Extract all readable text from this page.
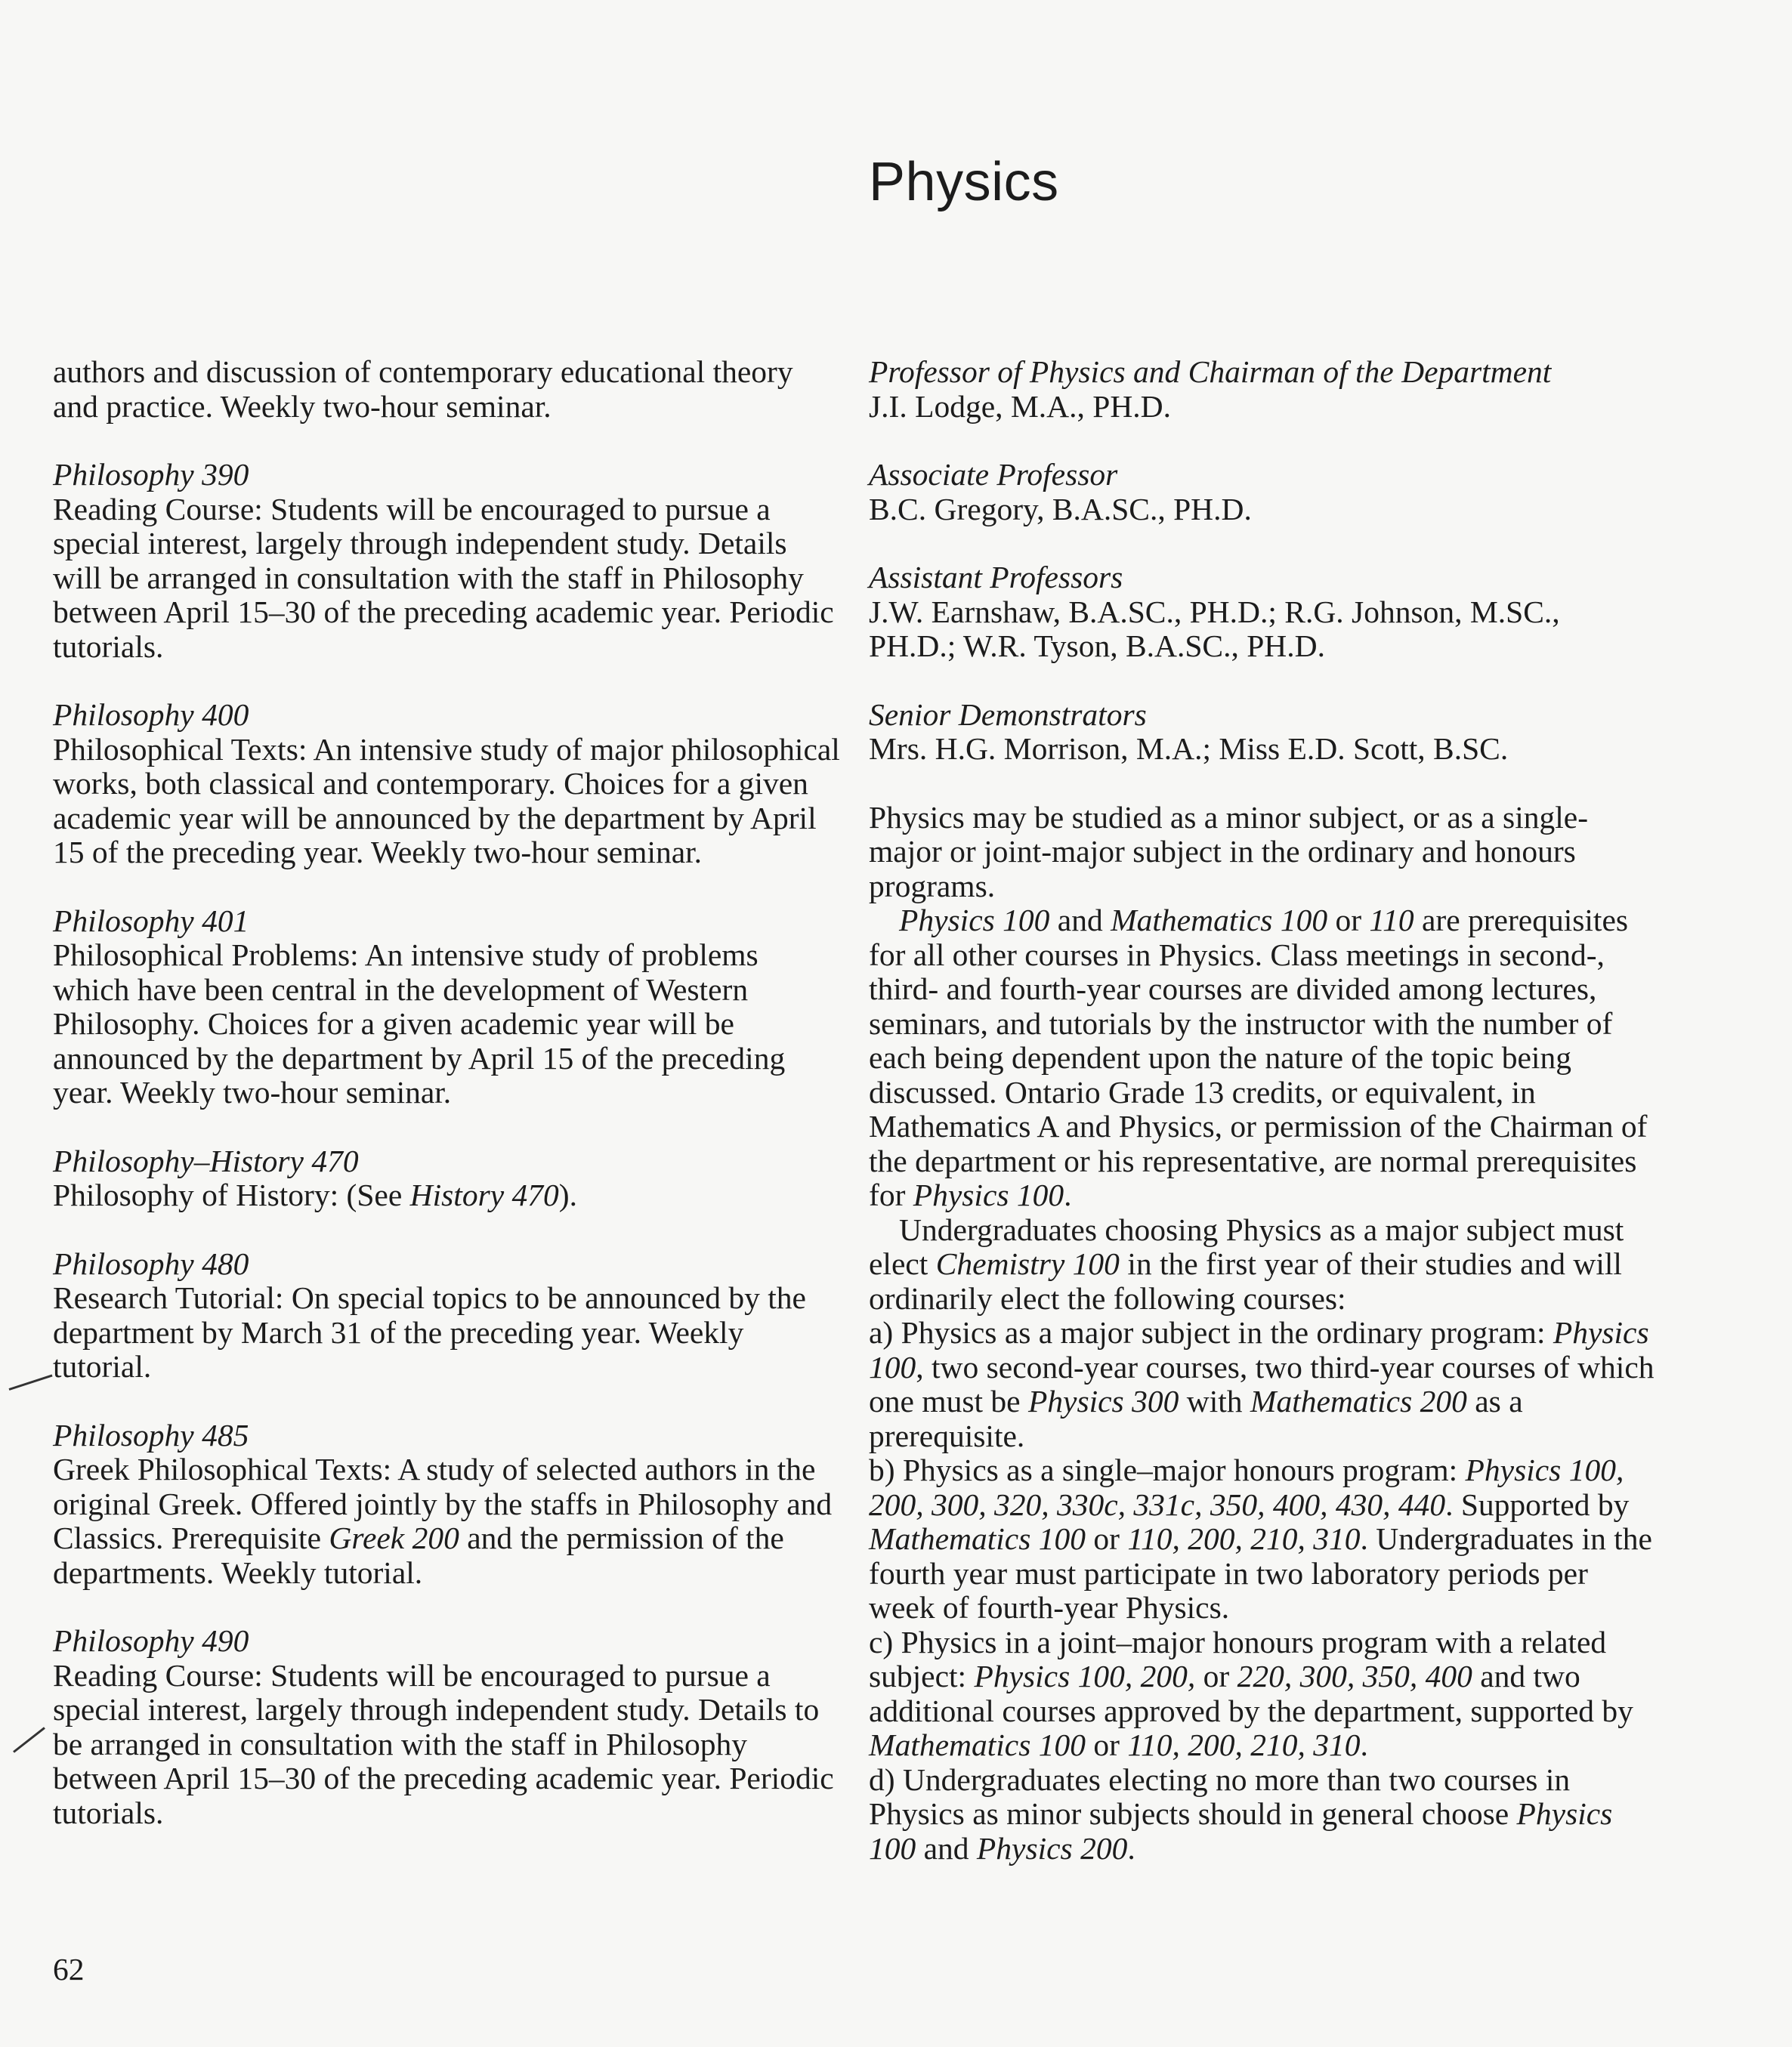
Physics
authors and discussion of contemporary educational theory and practice. Weekly two-hour seminar.
Philosophy 390
Reading Course: Students will be encouraged to pursue a special interest, largely through independent study. Details will be arranged in consultation with the staff in Philosophy between April 15–30 of the preceding academic year. Periodic tutorials.
Philosophy 400
Philosophical Texts: An intensive study of major philosophical works, both classical and contemporary. Choices for a given academic year will be announced by the department by April 15 of the preceding year. Weekly two-hour seminar.
Philosophy 401
Philosophical Problems: An intensive study of problems which have been central in the development of Western Philosophy. Choices for a given academic year will be announced by the department by April 15 of the preceding year. Weekly two-hour seminar.
Philosophy–History 470
Philosophy of History: (See History 470).
Philosophy 480
Research Tutorial: On special topics to be announced by the department by March 31 of the preceding year. Weekly tutorial.
Philosophy 485
Greek Philosophical Texts: A study of selected authors in the original Greek. Offered jointly by the staffs in Philosophy and Classics. Prerequisite Greek 200 and the permission of the departments. Weekly tutorial.
Philosophy 490
Reading Course: Students will be encouraged to pursue a special interest, largely through independent study. Details to be arranged in consultation with the staff in Philosophy between April 15–30 of the preceding academic year. Periodic tutorials.
Professor of Physics and Chairman of the Department
J.I. Lodge, M.A., PH.D.
Associate Professor
B.C. Gregory, B.A.SC., PH.D.
Assistant Professors
J.W. Earnshaw, B.A.SC., PH.D.; R.G. Johnson, M.SC., PH.D.; W.R. Tyson, B.A.SC., PH.D.
Senior Demonstrators
Mrs. H.G. Morrison, M.A.; Miss E.D. Scott, B.SC.

Physics may be studied as a minor subject, or as a single-major or joint-major subject in the ordinary and honours programs.

Physics 100 and Mathematics 100 or 110 are prerequisites for all other courses in Physics. Class meetings in second-, third- and fourth-year courses are divided among lectures, seminars, and tutorials by the instructor with the number of each being dependent upon the nature of the topic being discussed. Ontario Grade 13 credits, or equivalent, in Mathematics A and Physics, or permission of the Chairman of the department or his representative, are normal prerequisites for Physics 100.

Undergraduates choosing Physics as a major subject must elect Chemistry 100 in the first year of their studies and will ordinarily elect the following courses:

a) Physics as a major subject in the ordinary program: Physics 100, two second-year courses, two third-year courses of which one must be Physics 300 with Mathematics 200 as a prerequisite.

b) Physics as a single–major honours program: Physics 100, 200, 300, 320, 330c, 331c, 350, 400, 430, 440. Supported by Mathematics 100 or 110, 200, 210, 310. Undergraduates in the fourth year must participate in two laboratory periods per week of fourth-year Physics.

c) Physics in a joint–major honours program with a related subject: Physics 100, 200, or 220, 300, 350, 400 and two additional courses approved by the department, supported by Mathematics 100 or 110, 200, 210, 310.

d) Undergraduates electing no more than two courses in Physics as minor subjects should in general choose Physics 100 and Physics 200.

62
